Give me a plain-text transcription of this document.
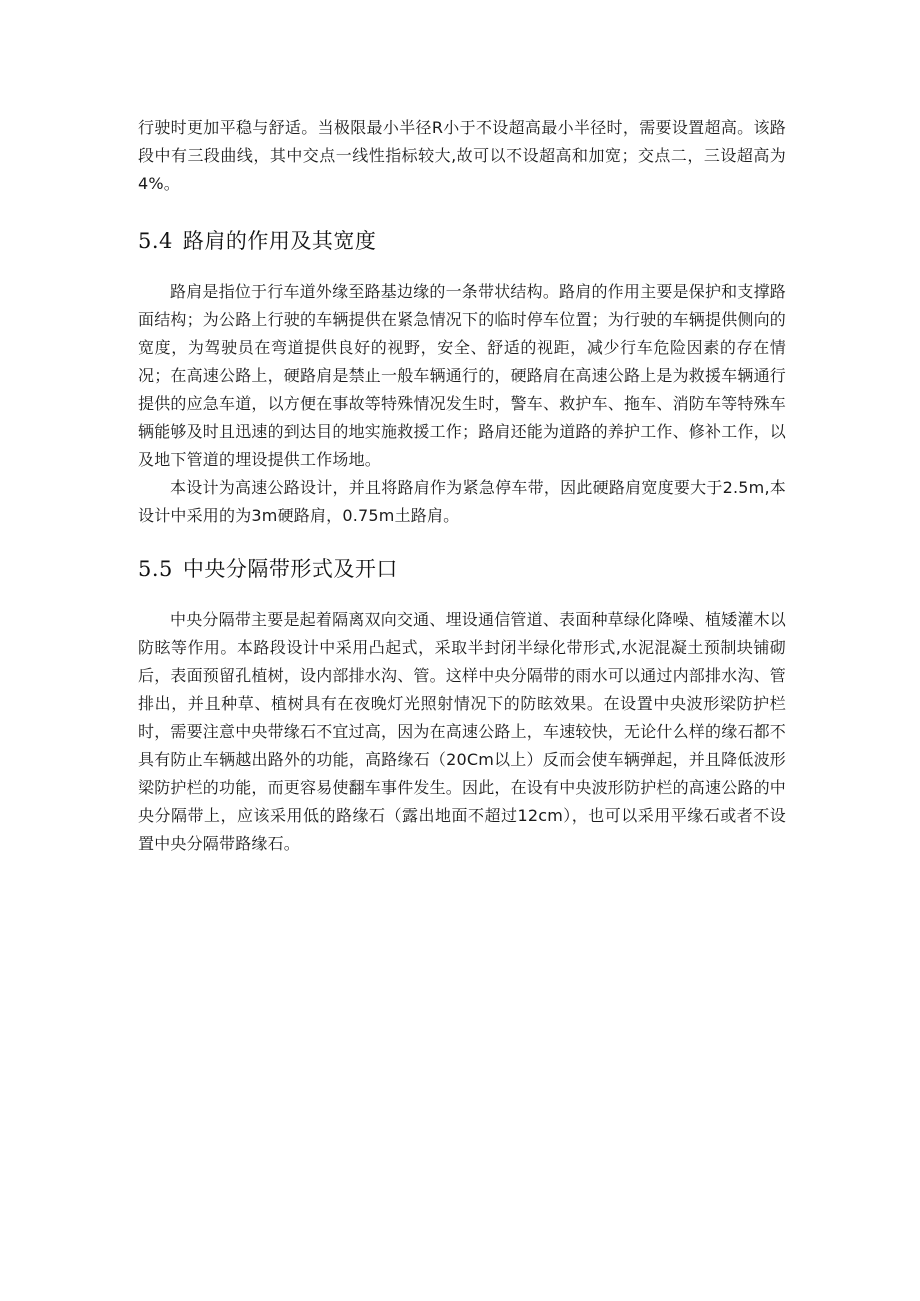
行驶时更加平稳与舒适。当极限最小半径R小于不设超高最小半径时，需要设置超高。该路段中有三段曲线，其中交点一线性指标较大,故可以不设超高和加宽；交点二，三设超高为4%。

5.4 路肩的作用及其宽度

路肩是指位于行车道外缘至路基边缘的一条带状结构。路肩的作用主要是保护和支撑路面结构；为公路上行驶的车辆提供在紧急情况下的临时停车位置；为行驶的车辆提供侧向的宽度，为驾驶员在弯道提供良好的视野，安全、舒适的视距，减少行车危险因素的存在情况；在高速公路上，硬路肩是禁止一般车辆通行的，硬路肩在高速公路上是为救援车辆通行提供的应急车道，以方便在事故等特殊情况发生时，警车、救护车、拖车、消防车等特殊车辆能够及时且迅速的到达目的地实施救援工作；路肩还能为道路的养护工作、修补工作，以及地下管道的埋设提供工作场地。

本设计为高速公路设计，并且将路肩作为紧急停车带，因此硬路肩宽度要大于2.5m,本设计中采用的为3m硬路肩，0.75m土路肩。

5.5 中央分隔带形式及开口

中央分隔带主要是起着隔离双向交通、埋设通信管道、表面种草绿化降噪、植矮灌木以防眩等作用。本路段设计中采用凸起式，采取半封闭半绿化带形式,水泥混凝土预制块铺砌后，表面预留孔植树，设内部排水沟、管。这样中央分隔带的雨水可以通过内部排水沟、管排出，并且种草、植树具有在夜晚灯光照射情况下的防眩效果。在设置中央波形梁防护栏时，需要注意中央带缘石不宜过高，因为在高速公路上，车速较快，无论什么样的缘石都不具有防止车辆越出路外的功能，高路缘石（20Cm以上）反而会使车辆弹起，并且降低波形梁防护栏的功能，而更容易使翻车事件发生。因此，在设有中央波形防护栏的高速公路的中央分隔带上，应该采用低的路缘石（露出地面不超过12cm），也可以采用平缘石或者不设置中央分隔带路缘石。
